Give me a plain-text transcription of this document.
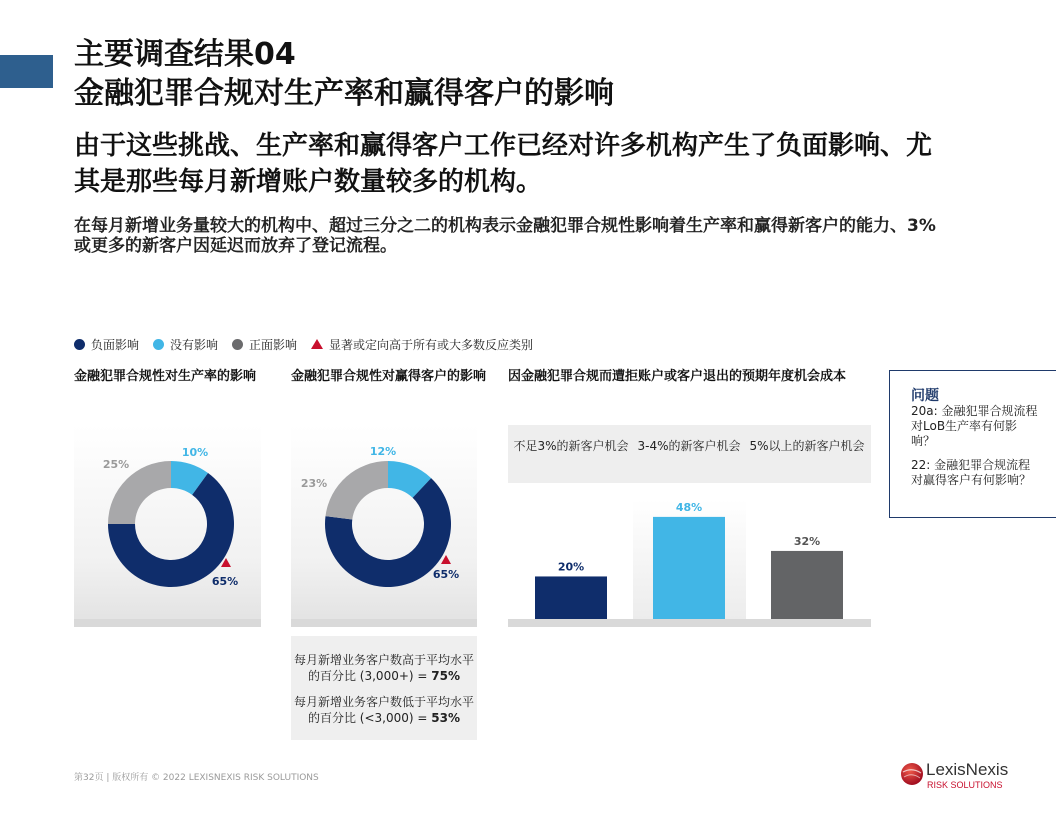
主要调查结果04
金融犯罪合规对生产率和赢得客户的影响
由于这些挑战、生产率和赢得客户工作已经对许多机构产生了负面影响、尤其是那些每月新增账户数量较多的机构。
在每月新增业务量较大的机构中、超过三分之二的机构表示金融犯罪合规性影响着生产率和赢得新客户的能力、3%或更多的新客户因延迟而放弃了登记流程。
负面影响	没有影响	正面影响	显著或定向高于所有或大多数反应类别
金融犯罪合规性对生产率的影响	金融犯罪合规性对赢得客户的影响	因金融犯罪合规而遭拒账户或客户退出的预期年度机会成本
10%
25%
65%
12%
23%
65%
不足3%的新客户机会 3-4%的新客户机会 5%以上的新客户机会
20%
48%
32%
每月新增业务客户数高于平均水平的百分比 (3,000+) = 75%
每月新增业务客户数低于平均水平的百分比 (<3,000) = 53%
问题
20a: 金融犯罪合规流程对LoB生产率有何影响？
22: 金融犯罪合规流程对赢得客户有何影响？
第32页 | 版权所有 © 2022 LEXISNEXIS RISK SOLUTIONS	LexisNexis
RISK SOLUTIONS
